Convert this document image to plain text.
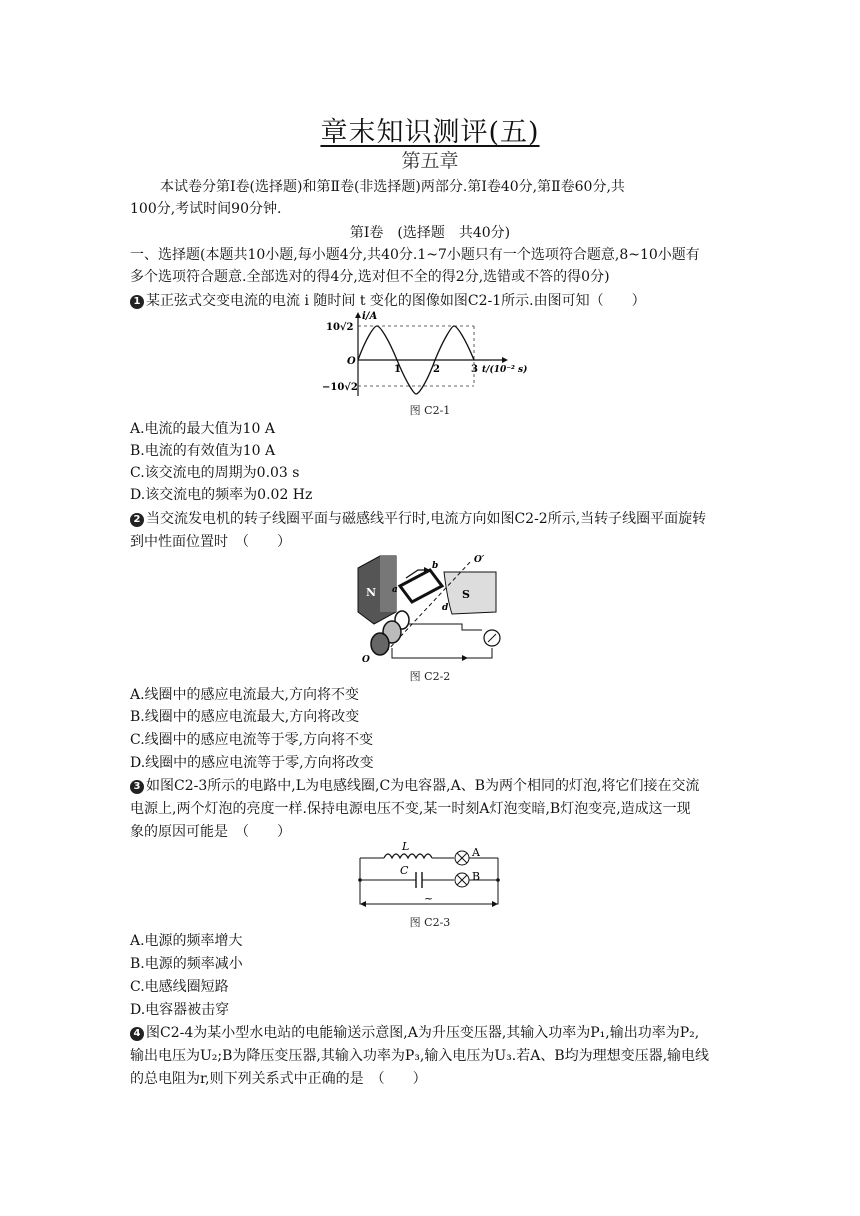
章末知识测评(五)
第五章
本试卷分第Ⅰ卷(选择题)和第Ⅱ卷(非选择题)两部分.第Ⅰ卷40分,第Ⅱ卷60分,共
100分,考试时间90分钟.
第Ⅰ卷　(选择题　共40分)
一、选择题(本题共10小题,每小题4分,共40分.1~7小题只有一个选项符合题意,8~10小题有
多个选项符合题意.全部选对的得4分,选对但不全的得2分,选错或不答的得0分)
1 某正弦式交变电流的电流 i 随时间 t 变化的图像如图C2-1所示.由图可知（　　）
i/A
10√2
O
−10√2
1	2	3 t/(10⁻² s)
图 C2-1
A.电流的最大值为10 A
B.电流的有效值为10 A
C.该交流电的周期为0.03 s
D.该交流电的频率为0.02 Hz
2 当交流发电机的转子线圈平面与磁感线平行时,电流方向如图C2-2所示,当转子线圈平面旋转
到中性面位置时　（　　）
N	S
b
a
d
O′
O
图 C2-2
A.线圈中的感应电流最大,方向将不变
B.线圈中的感应电流最大,方向将改变
C.线圈中的感应电流等于零,方向将不变
D.线圈中的感应电流等于零,方向将改变
3 如图C2-3所示的电路中,L为电感线圈,C为电容器,A、B为两个相同的灯泡,将它们接在交流
电源上,两个灯泡的亮度一样.保持电源电压不变,某一时刻A灯泡变暗,B灯泡变亮,造成这一现
象的原因可能是　（　　）
L	A
C	B
~
图 C2-3
A.电源的频率增大
B.电源的频率减小
C.电感线圈短路
D.电容器被击穿
4 图C2-4为某小型水电站的电能输送示意图,A为升压变压器,其输入功率为P₁,输出功率为P₂,
输出电压为U₂;B为降压变压器,其输入功率为P₃,输入电压为U₃.若A、B均为理想变压器,输电线
的总电阻为r,则下列关系式中正确的是　（　　）
